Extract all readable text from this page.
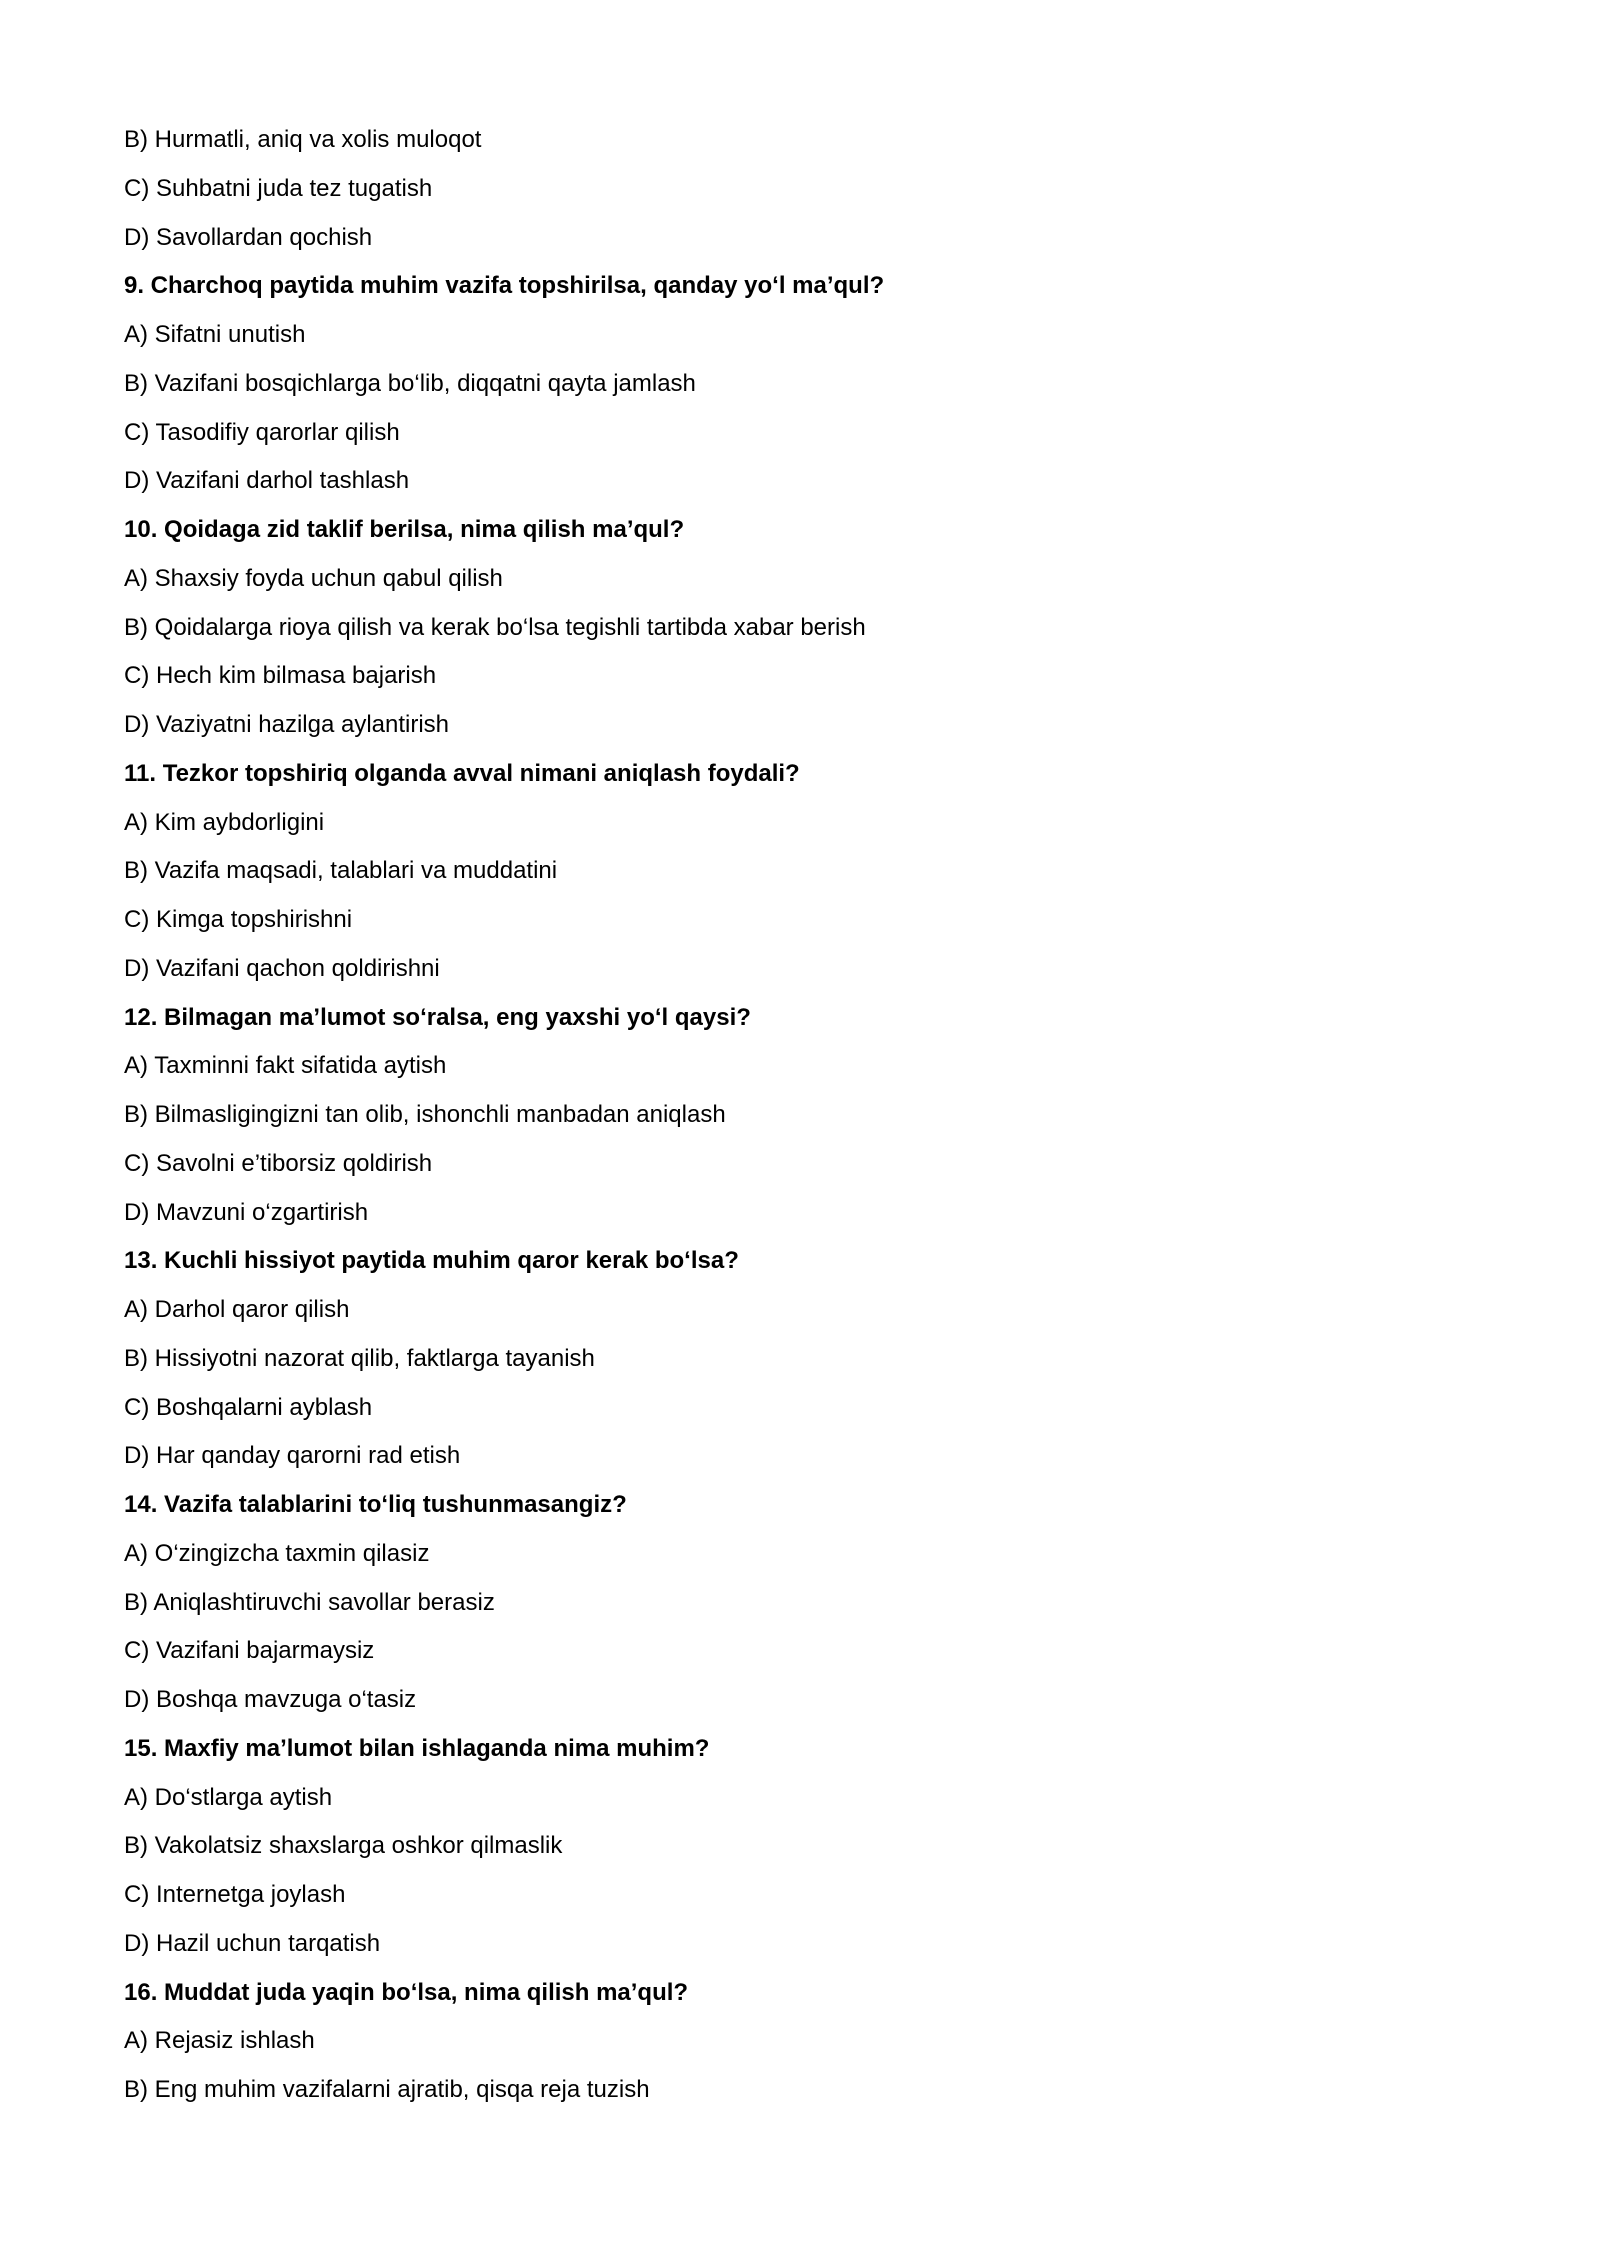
B) Hurmatli, aniq va xolis muloqot
C) Suhbatni juda tez tugatish
D) Savollardan qochish
9. Charchoq paytida muhim vazifa topshirilsa, qanday yo‘l ma’qul?
A) Sifatni unutish
B) Vazifani bosqichlarga bo‘lib, diqqatni qayta jamlash
C) Tasodifiy qarorlar qilish
D) Vazifani darhol tashlash
10. Qoidaga zid taklif berilsa, nima qilish ma’qul?
A) Shaxsiy foyda uchun qabul qilish
B) Qoidalarga rioya qilish va kerak bo‘lsa tegishli tartibda xabar berish
C) Hech kim bilmasa bajarish
D) Vaziyatni hazilga aylantirish
11. Tezkor topshiriq olganda avval nimani aniqlash foydali?
A) Kim aybdorligini
B) Vazifa maqsadi, talablari va muddatini
C) Kimga topshirishni
D) Vazifani qachon qoldirishni
12. Bilmagan ma’lumot so‘ralsa, eng yaxshi yo‘l qaysi?
A) Taxminni fakt sifatida aytish
B) Bilmasligingizni tan olib, ishonchli manbadan aniqlash
C) Savolni e’tiborsiz qoldirish
D) Mavzuni o‘zgartirish
13. Kuchli hissiyot paytida muhim qaror kerak bo‘lsa?
A) Darhol qaror qilish
B) Hissiyotni nazorat qilib, faktlarga tayanish
C) Boshqalarni ayblash
D) Har qanday qarorni rad etish
14. Vazifa talablarini to‘liq tushunmasangiz?
A) O‘zingizcha taxmin qilasiz
B) Aniqlashtiruvchi savollar berasiz
C) Vazifani bajarmaysiz
D) Boshqa mavzuga o‘tasiz
15. Maxfiy ma’lumot bilan ishlaganda nima muhim?
A) Do‘stlarga aytish
B) Vakolatsiz shaxslarga oshkor qilmaslik
C) Internetga joylash
D) Hazil uchun tarqatish
16. Muddat juda yaqin bo‘lsa, nima qilish ma’qul?
A) Rejasiz ishlash
B) Eng muhim vazifalarni ajratib, qisqa reja tuzish
